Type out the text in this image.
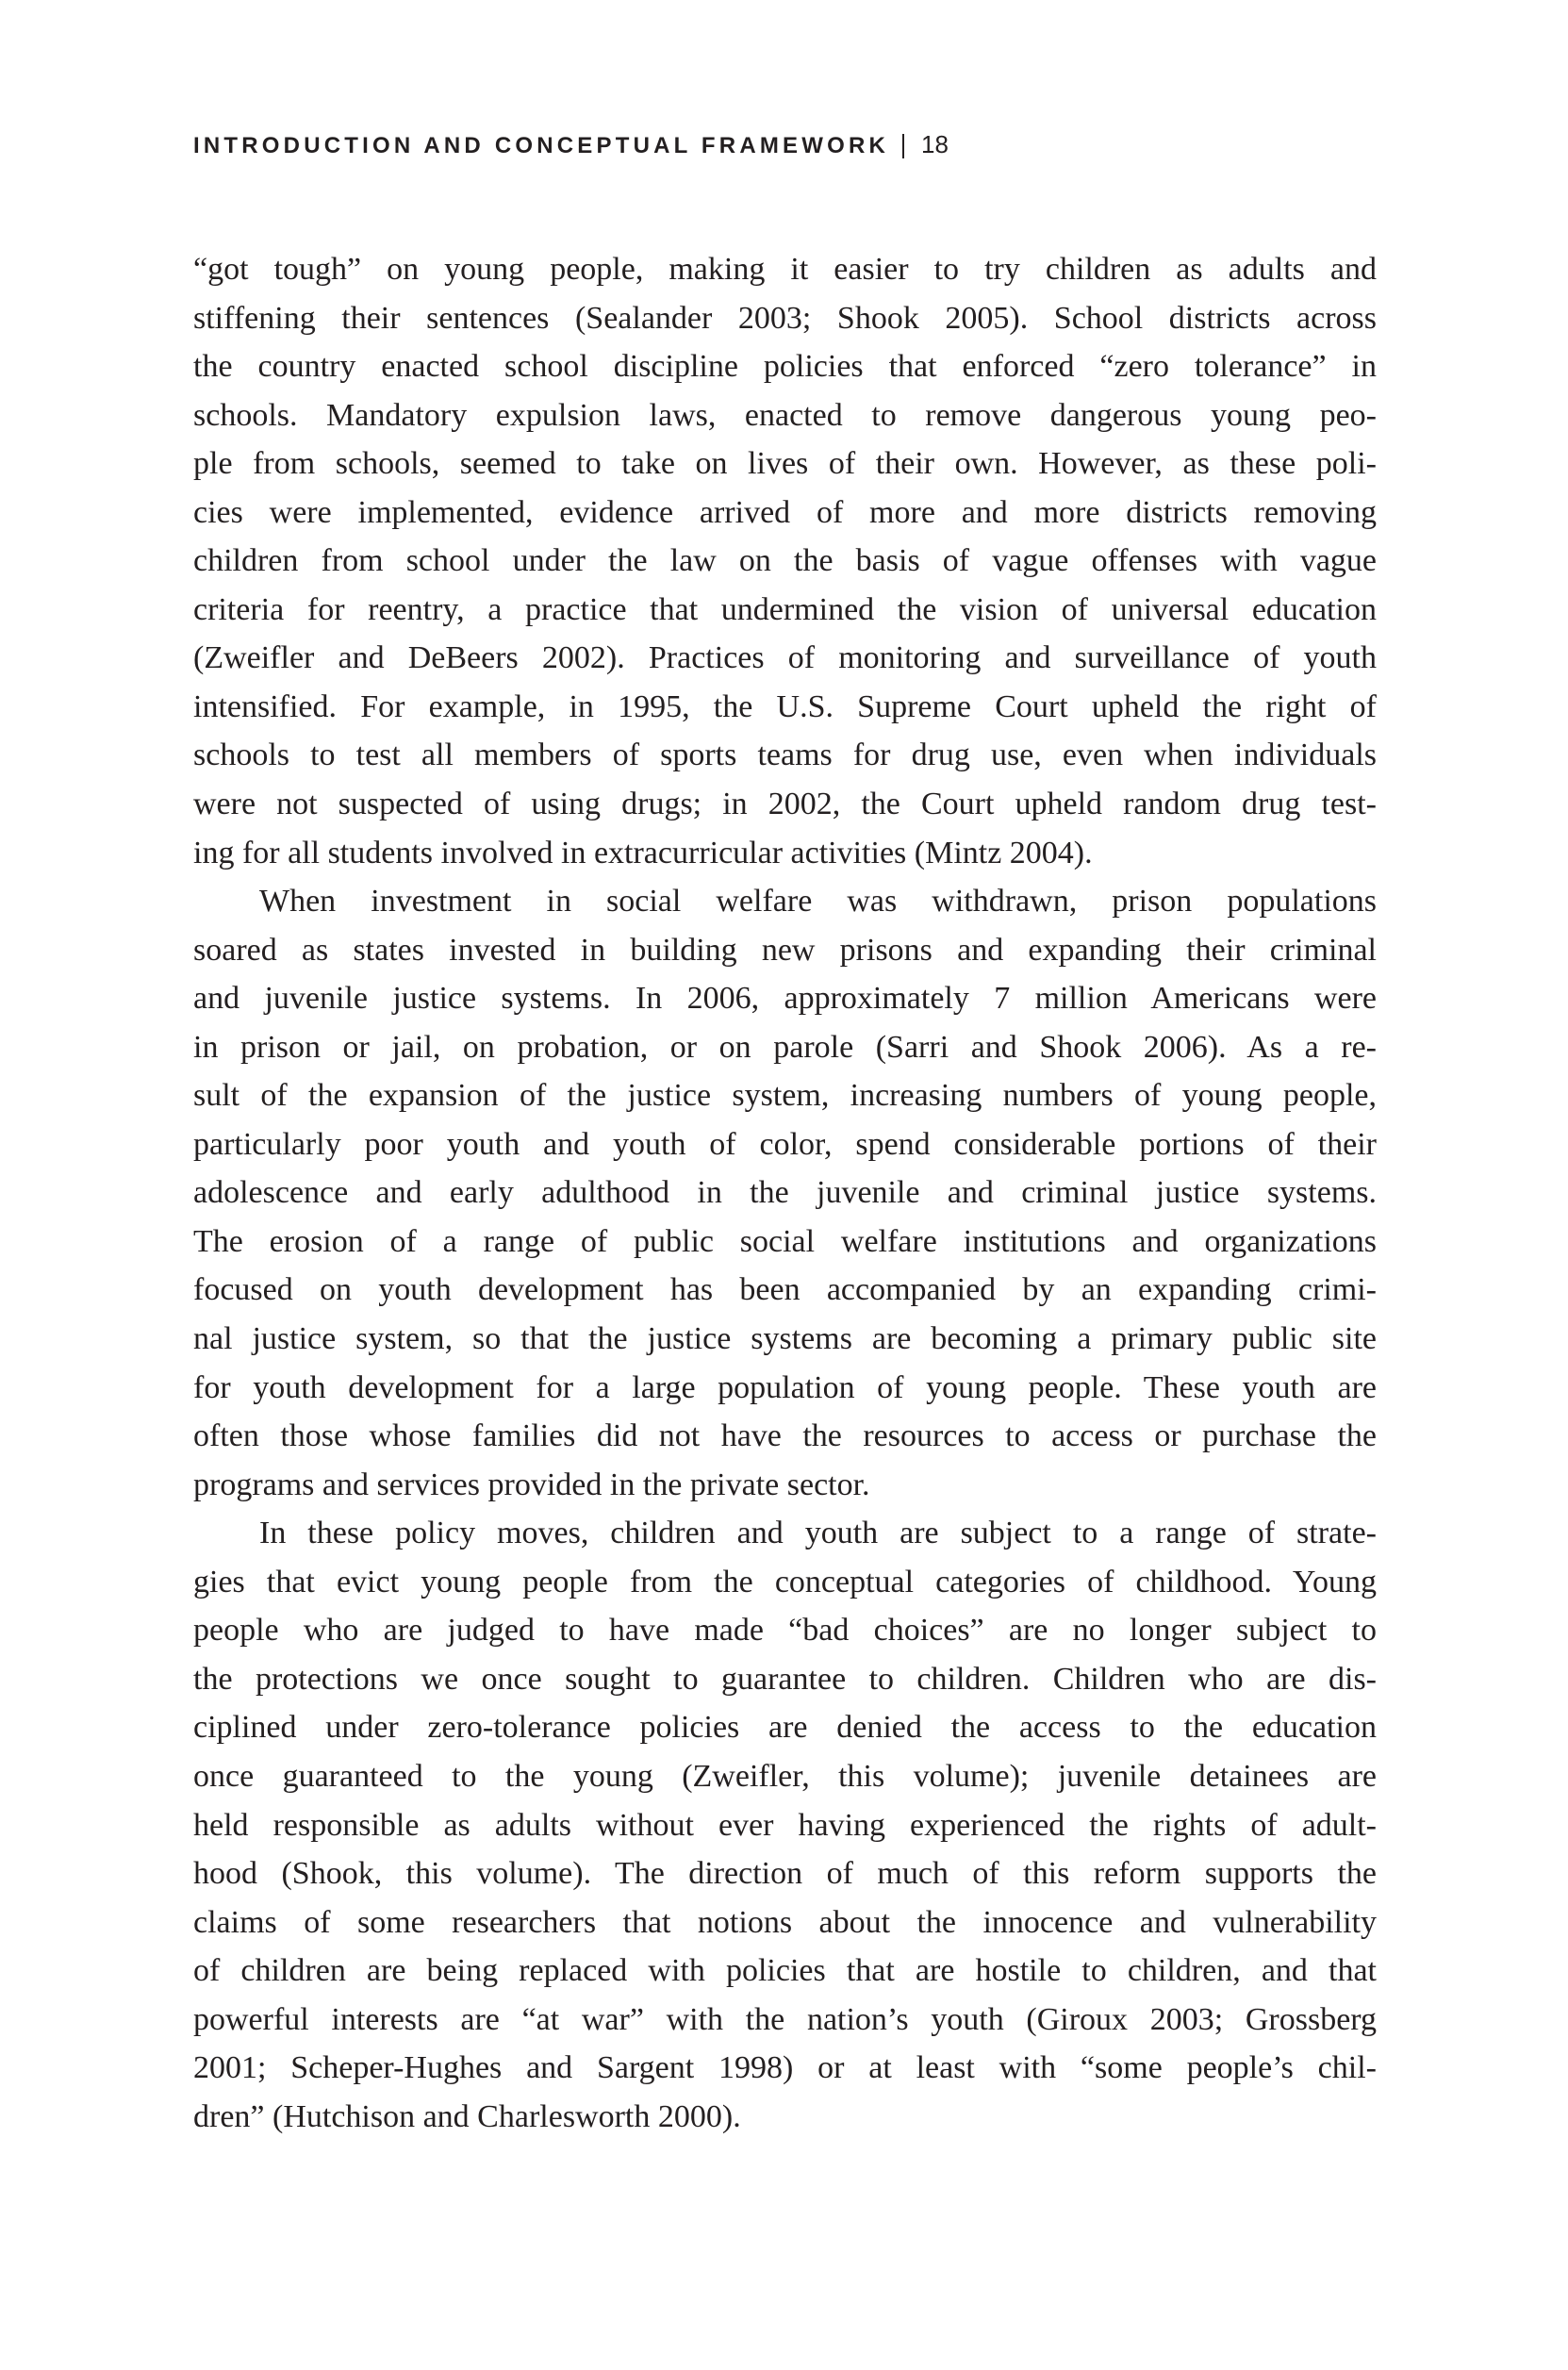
INTRODUCTION AND CONCEPTUAL FRAMEWORK 18
“got tough” on young people, making it easier to try children as adults and
stiffening their sentences (Sealander 2003; Shook 2005). School districts across
the country enacted school discipline policies that enforced “zero tolerance” in
schools. Mandatory expulsion laws, enacted to remove dangerous young peo-
ple from schools, seemed to take on lives of their own. However, as these poli-
cies were implemented, evidence arrived of more and more districts removing
children from school under the law on the basis of vague offenses with vague
criteria for reentry, a practice that undermined the vision of universal education
(Zweifler and DeBeers 2002). Practices of monitoring and surveillance of youth
intensified. For example, in 1995, the U.S. Supreme Court upheld the right of
schools to test all members of sports teams for drug use, even when individuals
were not suspected of using drugs; in 2002, the Court upheld random drug test-
ing for all students involved in extracurricular activities (Mintz 2004).
When investment in social welfare was withdrawn, prison populations
soared as states invested in building new prisons and expanding their criminal
and juvenile justice systems. In 2006, approximately 7 million Americans were
in prison or jail, on probation, or on parole (Sarri and Shook 2006). As a re-
sult of the expansion of the justice system, increasing numbers of young people,
particularly poor youth and youth of color, spend considerable portions of their
adolescence and early adulthood in the juvenile and criminal justice systems.
The erosion of a range of public social welfare institutions and organizations
focused on youth development has been accompanied by an expanding crimi-
nal justice system, so that the justice systems are becoming a primary public site
for youth development for a large population of young people. These youth are
often those whose families did not have the resources to access or purchase the
programs and services provided in the private sector.
In these policy moves, children and youth are subject to a range of strate-
gies that evict young people from the conceptual categories of childhood. Young
people who are judged to have made “bad choices” are no longer subject to
the protections we once sought to guarantee to children. Children who are dis-
ciplined under zero-tolerance policies are denied the access to the education
once guaranteed to the young (Zweifler, this volume); juvenile detainees are
held responsible as adults without ever having experienced the rights of adult-
hood (Shook, this volume). The direction of much of this reform supports the
claims of some researchers that notions about the innocence and vulnerability
of children are being replaced with policies that are hostile to children, and that
powerful interests are “at war” with the nation’s youth (Giroux 2003; Grossberg
2001; Scheper-Hughes and Sargent 1998) or at least with “some people’s chil-
dren” (Hutchison and Charlesworth 2000).
